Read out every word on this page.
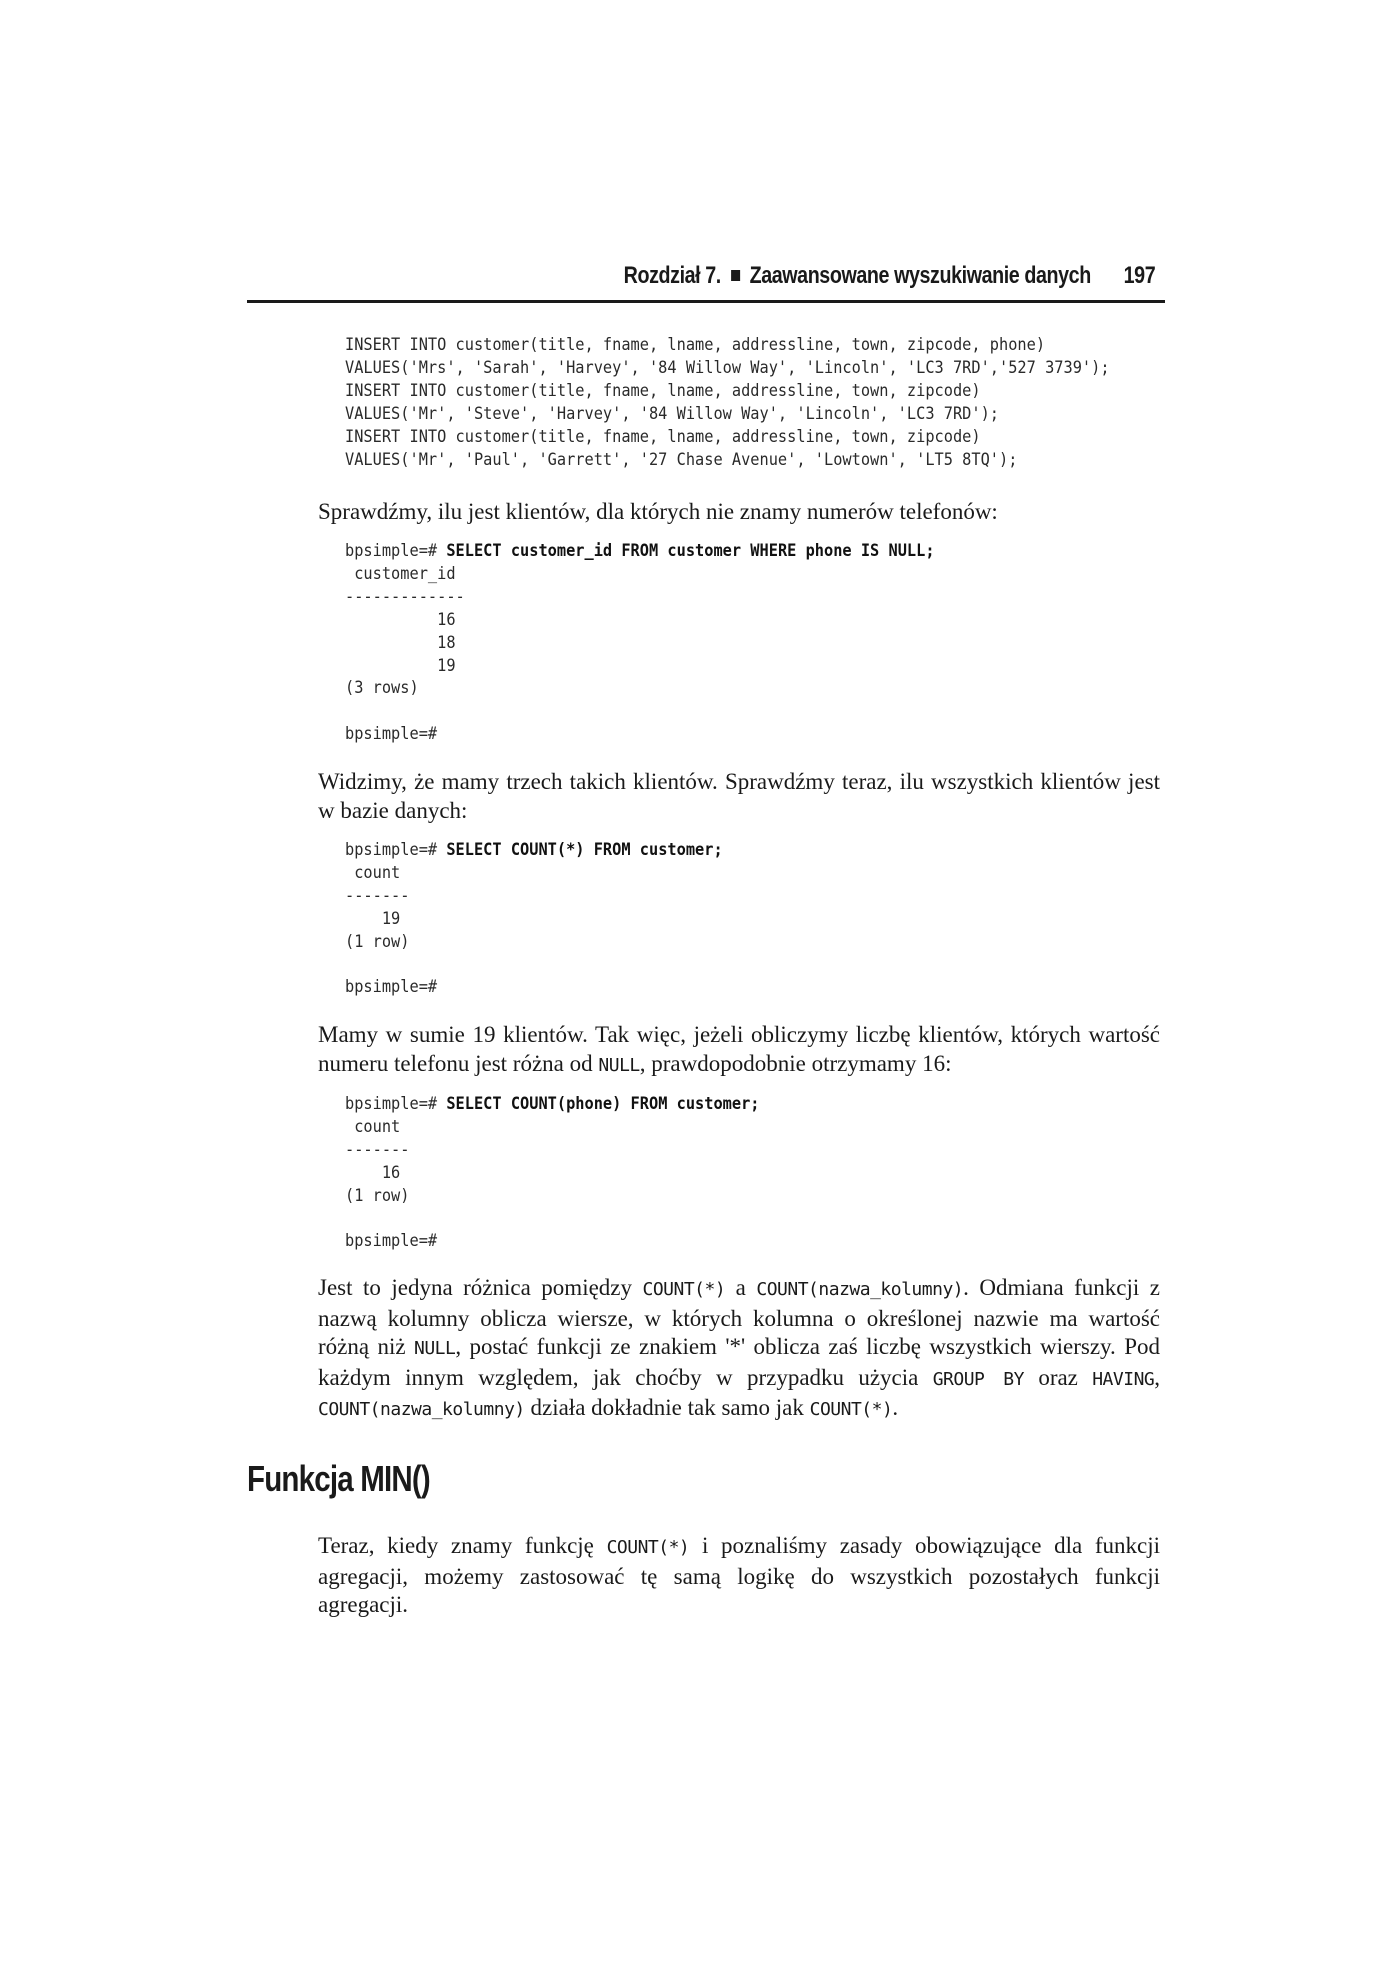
Rozdział 7. Zaawansowane wyszukiwanie danych 197
INSERT INTO customer(title, fname, lname, addressline, town, zipcode, phone)
VALUES('Mrs', 'Sarah', 'Harvey', '84 Willow Way', 'Lincoln', 'LC3 7RD','527 3739');
INSERT INTO customer(title, fname, lname, addressline, town, zipcode)
VALUES('Mr', 'Steve', 'Harvey', '84 Willow Way', 'Lincoln', 'LC3 7RD');
INSERT INTO customer(title, fname, lname, addressline, town, zipcode)
VALUES('Mr', 'Paul', 'Garrett', '27 Chase Avenue', 'Lowtown', 'LT5 8TQ');

Sprawdźmy, ilu jest klientów, dla których nie znamy numerów telefonów:

bpsimple=# SELECT customer_id FROM customer WHERE phone IS NULL;
customer_id
-------------
16
18
19
(3 rows)

bpsimple=#

Widzimy, że mamy trzech takich klientów. Sprawdźmy teraz, ilu wszystkich klientów jest w bazie danych:

bpsimple=# SELECT COUNT(*) FROM customer;
count
-------
19
(1 row)

bpsimple=#

Mamy w sumie 19 klientów. Tak więc, jeżeli obliczymy liczbę klientów, których wartość numeru telefonu jest różna od NULL, prawdopodobnie otrzymamy 16:

bpsimple=# SELECT COUNT(phone) FROM customer;
count
-------
16
(1 row)

bpsimple=#

Jest to jedyna różnica pomiędzy COUNT(*) a COUNT(nazwa_kolumny). Odmiana funkcji z nazwą kolumny oblicza wiersze, w których kolumna o określonej nazwie ma wartość różną niż NULL, postać funkcji ze znakiem '*' oblicza zaś liczbę wszystkich wierszy. Pod każdym innym względem, jak choćby w przypadku użycia GROUP BY oraz HAVING, COUNT(nazwa_kolumny) działa dokładnie tak samo jak COUNT(*).

Funkcja MIN()

Teraz, kiedy znamy funkcję COUNT(*) i poznaliśmy zasady obowiązujące dla funkcji agregacji, możemy zastosować tę samą logikę do wszystkich pozostałych funkcji agregacji.
